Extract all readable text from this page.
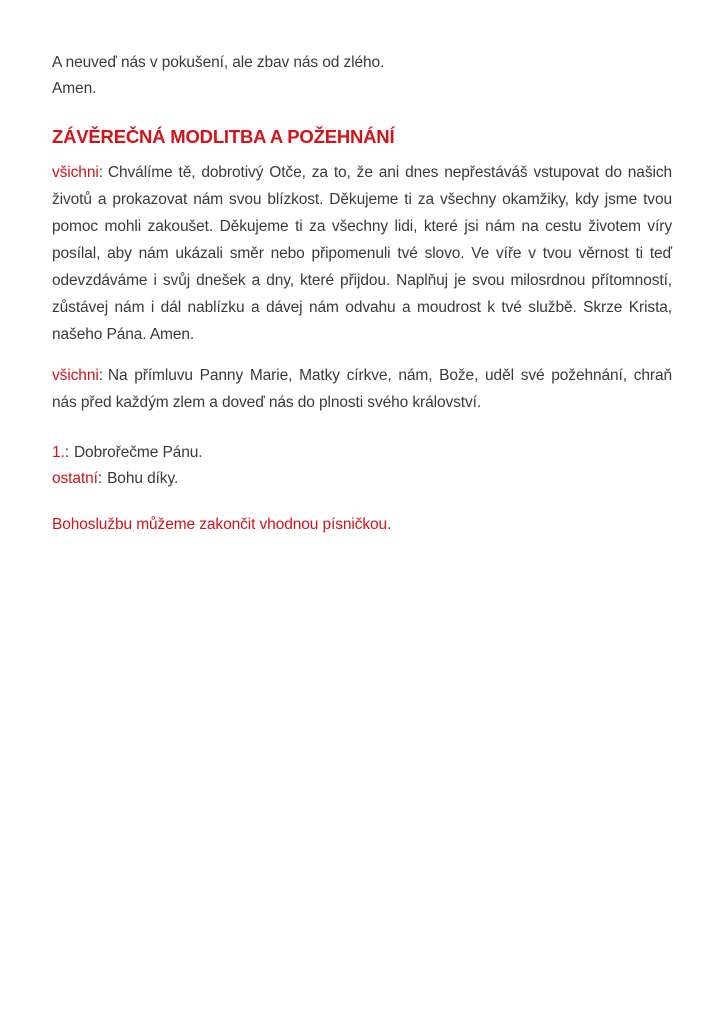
A neuveď nás v pokušení, ale zbav nás od zlého.

Amen.

ZÁVĚREČNÁ MODLITBA A POŽEHNÁNÍ

všichni: Chválíme tě, dobrotivý Otče, za to, že ani dnes nepřestáváš vstupovat do našich životů a prokazovat nám svou blízkost. Děkujeme ti za všechny okamžiky, kdy jsme tvou pomoc mohli zakoušet. Děkujeme ti za všechny lidi, které jsi nám na cestu životem víry posílal, aby nám ukázali směr nebo připomenuli tvé slovo. Ve víře v tvou věrnost ti teď odevzdáváme i svůj dnešek a dny, které přijdou. Naplňuj je svou milosrdnou přítomností, zůstávej nám i dál nablízku a dávej nám odvahu a moudrost k tvé službě. Skrze Krista, našeho Pána. Amen.

všichni: Na přímluvu Panny Marie, Matky církve, nám, Bože, uděl své požehnání, chraň nás před každým zlem a doveď nás do plnosti svého království.

1.: Dobrořečme Pánu.

ostatní: Bohu díky.

Bohoslužbu můžeme zakončit vhodnou písničkou.
